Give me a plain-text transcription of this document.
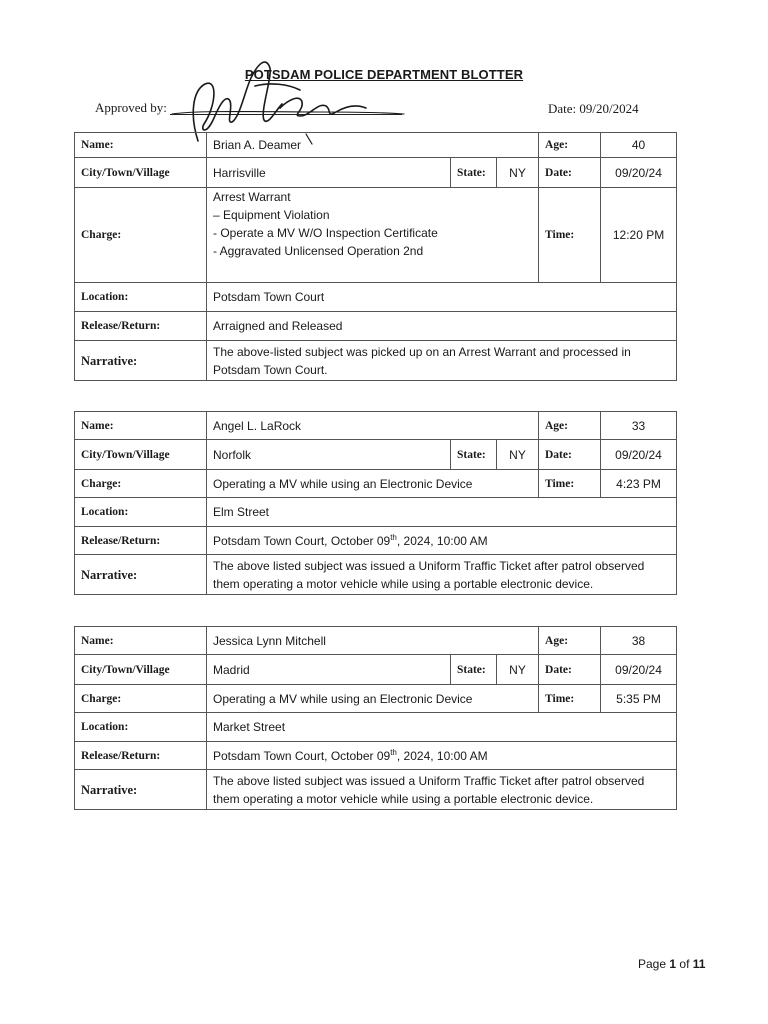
POTSDAM POLICE DEPARTMENT BLOTTER
Approved by:	Date: 09/20/2024
Name:	Brian A. Deamer			Age:	40
City/Town/Village	Harrisville	State:	NY	Date:	09/20/24
Charge:	Arrest Warrant
– Equipment Violation
- Operate a MV W/O Inspection Certificate
- Aggravated Unlicensed Operation 2nd			Time:	12:20 PM
Location:	Potsdam Town Court				
Release/Return:	Arraigned and Released				
Narrative:	The above-listed subject was picked up on an Arrest Warrant and processed in Potsdam Town Court.				
Name:	Angel L. LaRock			Age:	33
City/Town/Village	Norfolk	State:	NY	Date:	09/20/24
Charge:	Operating a MV while using an Electronic Device			Time:	4:23 PM
Location:	Elm Street				
Release/Return:	Potsdam Town Court, October 09th, 2024, 10:00 AM				
Narrative:	The above listed subject was issued a Uniform Traffic Ticket after patrol observed them operating a motor vehicle while using a portable electronic device.				
Name:	Jessica Lynn Mitchell			Age:	38
City/Town/Village	Madrid	State:	NY	Date:	09/20/24
Charge:	Operating a MV while using an Electronic Device			Time:	5:35 PM
Location:	Market Street				
Release/Return:	Potsdam Town Court, October 09th, 2024, 10:00 AM				
Narrative:	The above listed subject was issued a Uniform Traffic Ticket after patrol observed them operating a motor vehicle while using a portable electronic device.				
Page 1 of 11
